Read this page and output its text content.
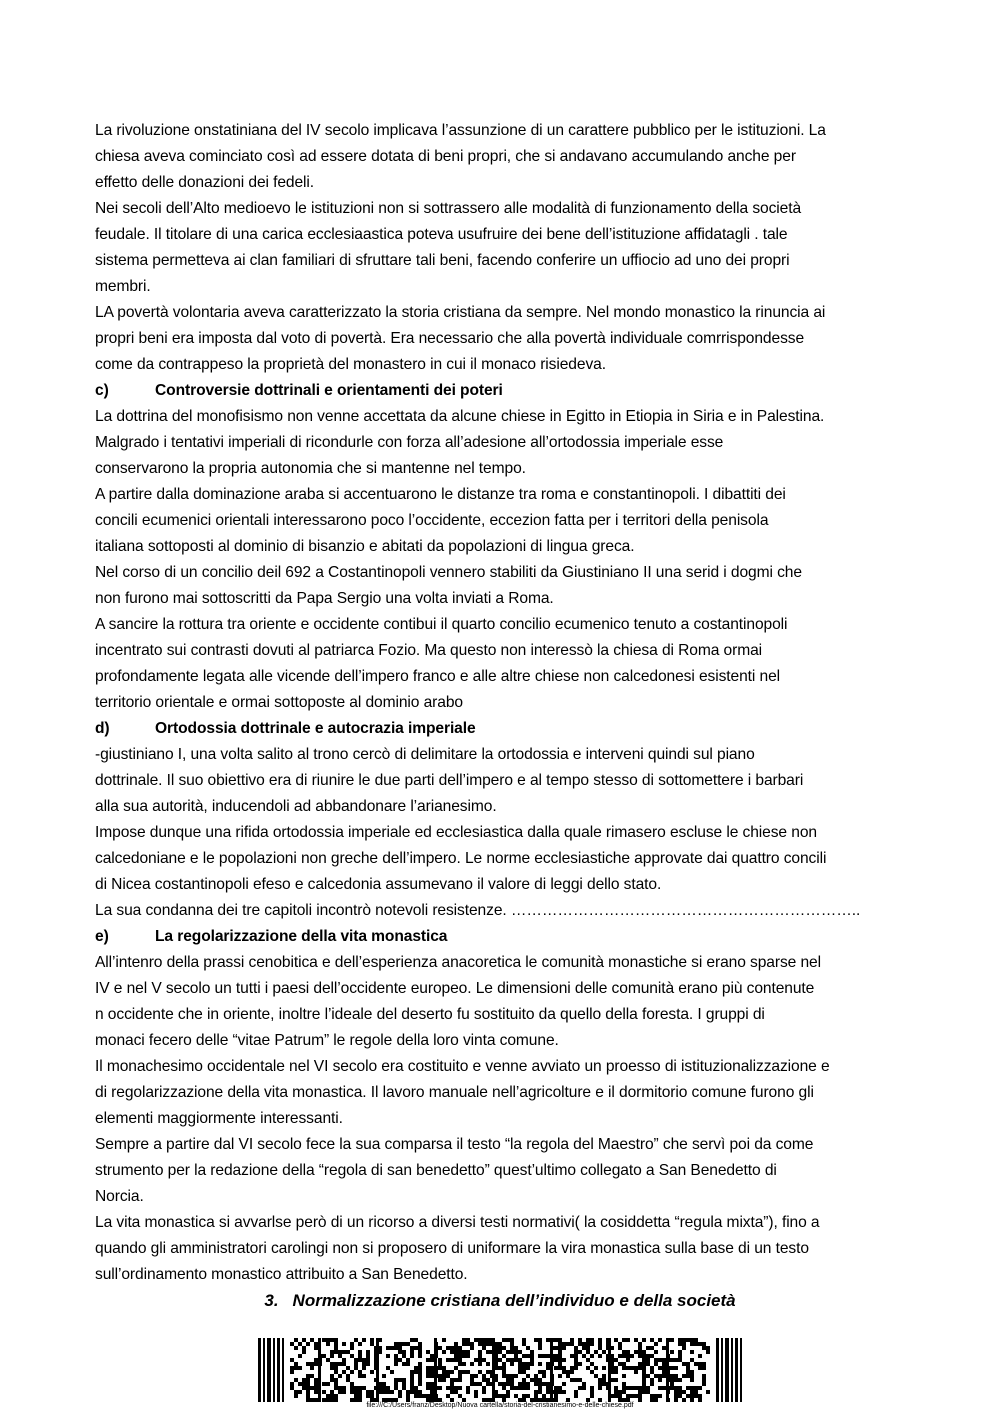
La rivoluzione onstatiniana del IV secolo implicava l’assunzione di un carattere pubblico per le istituzioni. La
chiesa aveva cominciato così ad essere dotata di beni propri, che si andavano accumulando anche per
effetto delle donazioni dei fedeli.
Nei secoli dell’Alto medioevo le istituzioni non si sottrassero alle modalità di funzionamento della società
feudale. Il titolare di una carica ecclesiaastica poteva usufruire dei bene dell’istituzione affidatagli . tale
sistema permetteva ai clan familiari di sfruttare tali beni, facendo conferire un uffiocio ad uno dei propri
membri.
LA povertà volontaria aveva caratterizzato la storia cristiana da sempre. Nel mondo monastico la rinuncia ai
propri beni era imposta dal voto di povertà. Era necessario che alla povertà individuale comrrispondesse
come da contrappeso la proprietà del monastero in cui il monaco risiedeva.
c)	Controversie dottrinali e orientamenti dei poteri
La dottrina del monofisismo non venne accettata da alcune chiese in Egitto in Etiopia in Siria e in Palestina.
Malgrado i tentativi imperiali di ricondurle con forza all’adesione all’ortodossia imperiale esse
conservarono la propria autonomia che si mantenne nel tempo.
A partire dalla dominazione araba si accentuarono le distanze tra roma e constantinopoli. I dibattiti dei
concili ecumenici orientali interessarono poco l’occidente, eccezion fatta per i territori della penisola
italiana sottoposti al dominio di bisanzio e abitati da popolazioni di lingua greca.
Nel corso di un concilio deil 692 a Costantinopoli vennero stabiliti da Giustiniano II una serid i dogmi che
non furono mai sottoscritti da Papa Sergio una volta inviati a Roma.
A sancire la rottura tra oriente e occidente contibui il quarto concilio ecumenico tenuto a costantinopoli
incentrato sui contrasti dovuti al patriarca Fozio. Ma questo non interessò la chiesa di Roma ormai
profondamente legata alle vicende dell’impero franco e alle altre chiese non calcedonesi esistenti nel
territorio orientale e ormai sottoposte al dominio arabo
d)	Ortodossia dottrinale e autocrazia imperiale
-giustiniano I, una volta salito al trono cercò di delimitare la ortodossia e interveni quindi sul piano
dottrinale. Il suo obiettivo era di riunire le due parti dell’impero e al tempo stesso di sottomettere i barbari
alla sua autorità, inducendoli ad abbandonare l’arianesimo.
Impose dunque una rifida ortodossia imperiale ed ecclesiastica dalla quale rimasero escluse le chiese non
calcedoniane e le popolazioni non greche dell’impero. Le norme ecclesiastiche approvate dai quattro concili
di Nicea costantinopoli efeso e calcedonia assumevano il valore di leggi dello stato.
La sua condanna dei tre capitoli incontrò notevoli resistenze. …………………………………………………………..
e)	La regolarizzazione della vita monastica
All’intenro della prassi cenobitica e dell’esperienza anacoretica le comunità monastiche si erano sparse nel
IV e nel V secolo un tutti i paesi dell’occidente europeo. Le dimensioni delle comunità erano più contenute
n occidente che in oriente, inoltre l’ideale del deserto fu sostituito da quello della foresta. I gruppi di
monaci fecero delle “vitae Patrum” le regole della loro vinta comune.
Il monachesimo occidentale nel VI secolo era costituito e venne avviato un proesso di istituzionalizzazione e
di regolarizzazione della vita monastica. Il lavoro manuale nell’agricolture e il dormitorio comune furono gli
elementi maggiormente interessanti.
Sempre a partire dal VI secolo fece la sua comparsa il testo “la regola del Maestro” che servì poi da come
strumento per la redazione della “regola di san benedetto” quest’ultimo collegato a San Benedetto di
Norcia.
La vita monastica si avvarlse però di un ricorso a diversi testi normativi( la cosiddetta “regula mixta”), fino a
quando gli amministratori carolingi non si proposero di uniformare la vira monastica sulla base di un testo
sull’ordinamento monastico attribuito a San Benedetto.
3. Normalizzazione cristiana dell’individuo e della società
file:///C:/Users/franz/Desktop/Nuova cartella/storia-del-cristianesimo-e-delle-chiese.pdf
